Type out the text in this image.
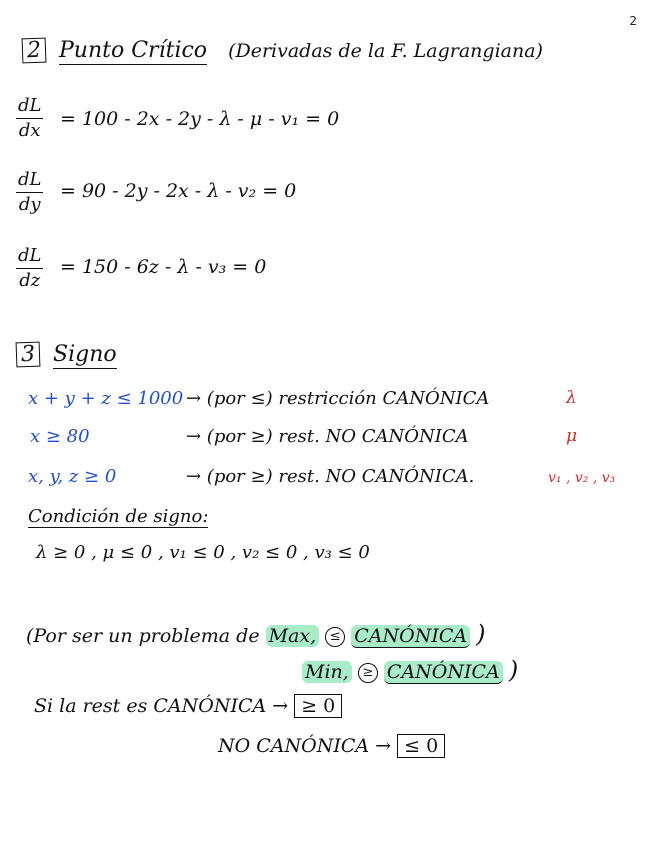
2
2 Punto Crítico (Derivadas de la F. Lagrangiana)
$\frac{dL}{dx} = 100 - 2x - 2y - \lambda - \mu - v_1 = 0$
$\frac{dL}{dy} = 90 - 2y - 2x - \lambda - v_2 = 0$
$\frac{dL}{dz} = 150 - 6z - \lambda - v_3 = 0$
3 Signo
x + y + z ≤ 1000 → (por ≤) restricción CANÓNICA	λ
x ≥ 80	→ (por ≥) rest. NO CANÓNICA	μ
x, y, z ≥ 0	→ (por ≥) rest. NO CANÓNICA.	v₁ , v₂ , v₃
Condición de signo:
λ ≥ 0 , μ ≤ 0 , v₁ ≤ 0 , v₂ ≤ 0 , v₃ ≤ 0
(Por ser un problema de Max, ≤ CANÓNICA )
Min, ≥ CANÓNICA )
Si la rest es CANÓNICA → ≥ 0
NO CANÓNICA → ≤ 0
